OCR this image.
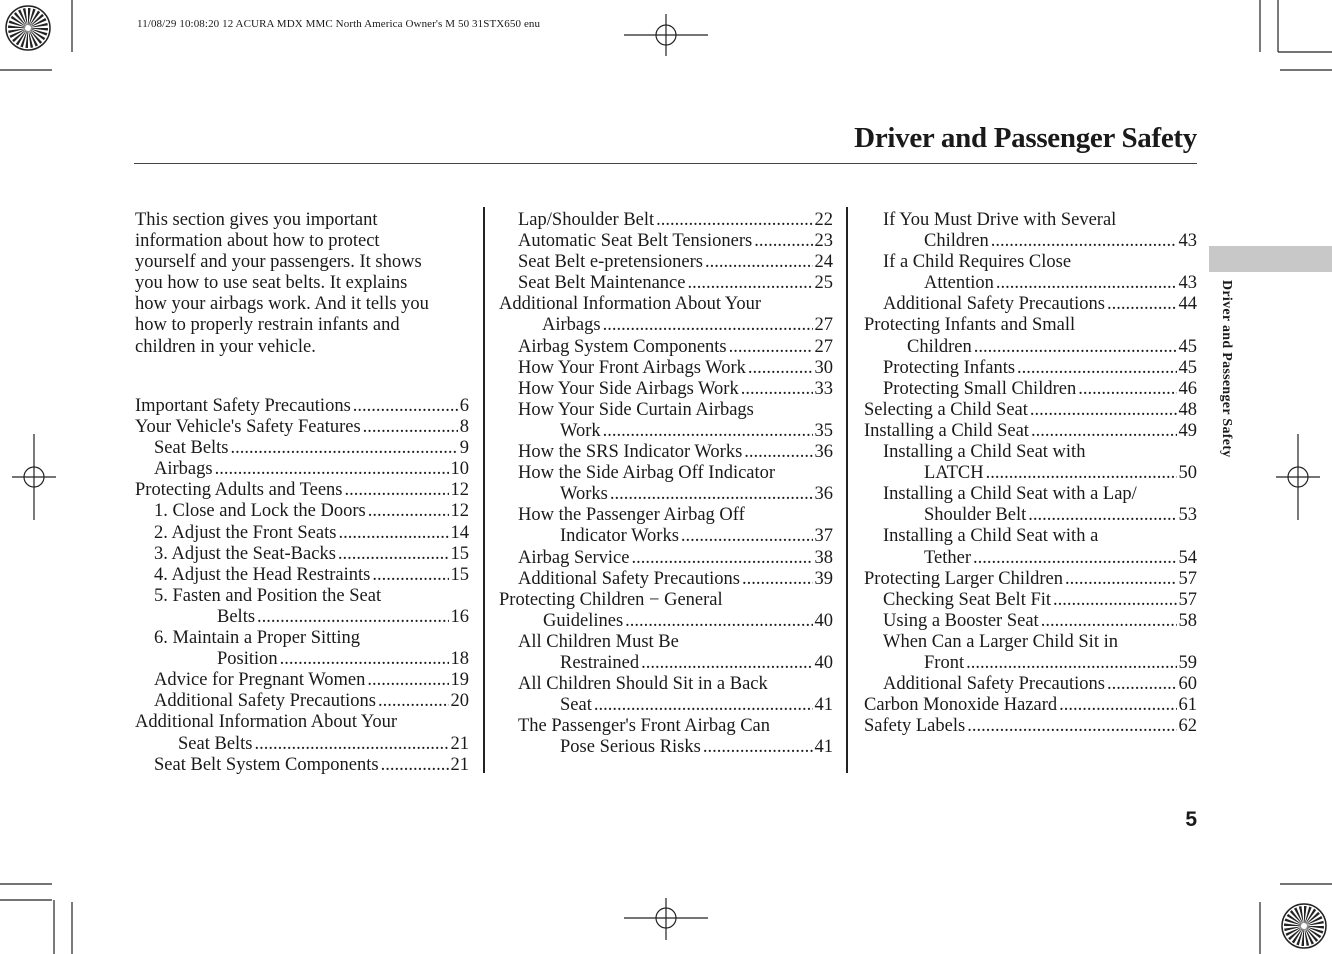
11/08/29 10:08:20 12 ACURA MDX MMC North America Owner's M 50 31STX650 enu
Driver and Passenger Safety
This section gives you important
information about how to protect
yourself and your passengers. It shows
you how to use seat belts. It explains
how your airbags work. And it tells you
how to properly restrain infants and
children in your vehicle.
Important Safety Precautions .....	6
Your Vehicle's Safety Features .....	8
Seat Belts .....	9
Airbags .....	10
Protecting Adults and Teens .....	12
1. Close and Lock the Doors .....	12
2. Adjust the Front Seats .....	14
3. Adjust the Seat-Backs .....	15
4. Adjust the Head Restraints .....	15
5. Fasten and Position the Seat
Belts .....	16
6. Maintain a Proper Sitting
Position .....	18
Advice for Pregnant Women .....	19
Additional Safety Precautions .....	20
Additional Information About Your
Seat Belts .....	21
Seat Belt System Components .....	21
Lap/Shoulder Belt .....	22
Automatic Seat Belt Tensioners .....	23
Seat Belt e-pretensioners .....	24
Seat Belt Maintenance .....	25
Additional Information About Your
Airbags .....	27
Airbag System Components .....	27
How Your Front Airbags Work .....	30
How Your Side Airbags Work .....	33
How Your Side Curtain Airbags
Work .....	35
How the SRS Indicator Works .....	36
How the Side Airbag Off Indicator
Works .....	36
How the Passenger Airbag Off
Indicator Works .....	37
Airbag Service .....	38
Additional Safety Precautions .....	39
Protecting Children − General
Guidelines .....	40
All Children Must Be
Restrained .....	40
All Children Should Sit in a Back
Seat .....	41
The Passenger's Front Airbag Can
Pose Serious Risks .....	41
If You Must Drive with Several
Children .....	43
If a Child Requires Close
Attention .....	43
Additional Safety Precautions .....	44
Protecting Infants and Small
Children .....	45
Protecting Infants .....	45
Protecting Small Children .....	46
Selecting a Child Seat .....	48
Installing a Child Seat .....	49
Installing a Child Seat with
LATCH .....	50
Installing a Child Seat with a Lap/
Shoulder Belt .....	53
Installing a Child Seat with a
Tether .....	54
Protecting Larger Children .....	57
Checking Seat Belt Fit .....	57
Using a Booster Seat .....	58
When Can a Larger Child Sit in
Front .....	59
Additional Safety Precautions .....	60
Carbon Monoxide Hazard .....	61
Safety Labels .....	62
Driver and Passenger Safety
5
